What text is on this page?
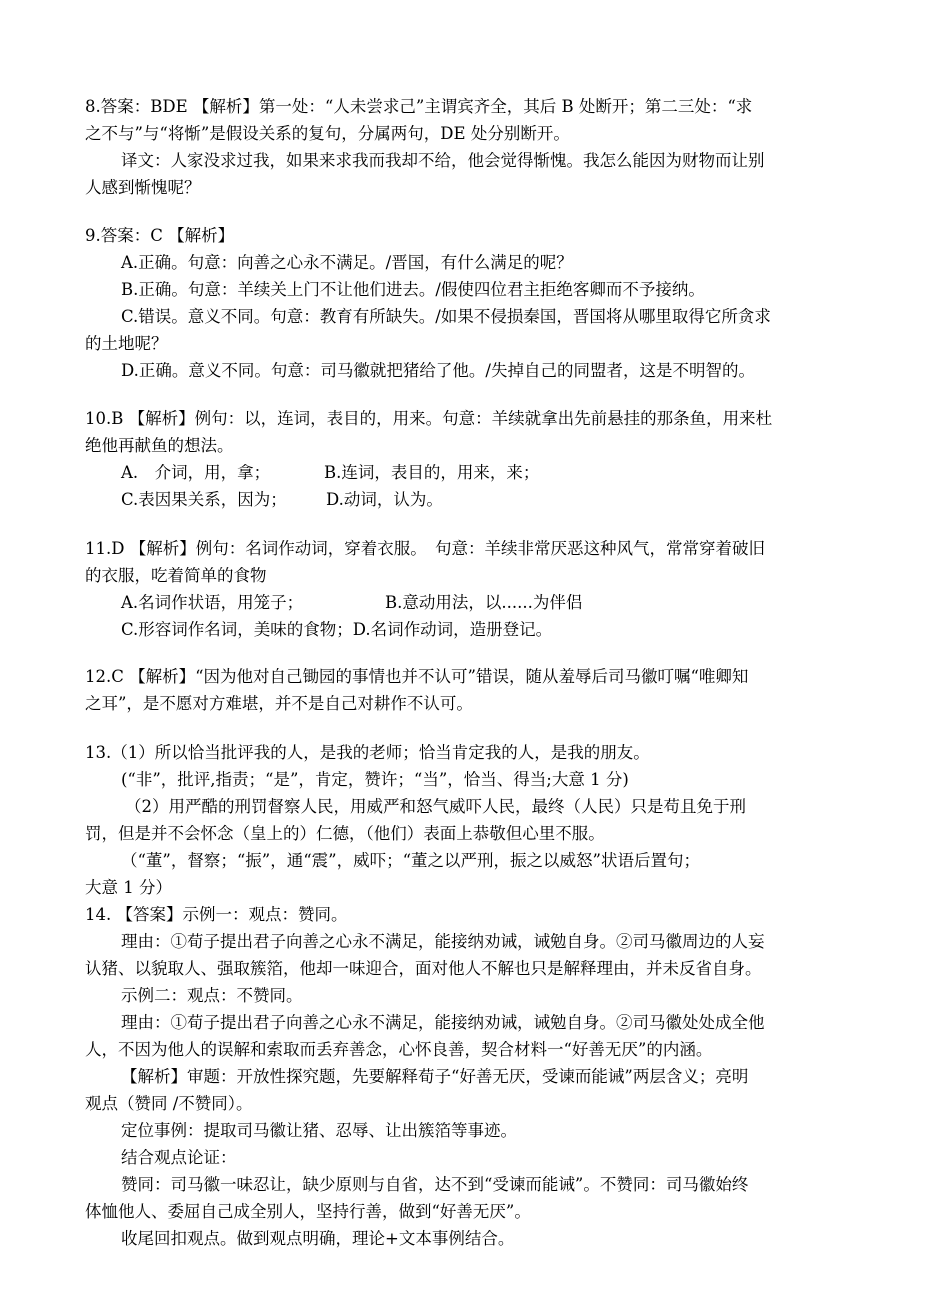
8.答案：BDE 【解析】第一处：“人未尝求己”主谓宾齐全，其后 B 处断开；第二三处：“求
之不与”与“将惭”是假设关系的复句，分属两句，DE 处分别断开。
译文：人家没求过我，如果来求我而我却不给，他会觉得惭愧。我怎么能因为财物而让别
人感到惭愧呢？
9.答案：C 【解析】
A.正确。句意：向善之心永不满足。/晋国，有什么满足的呢？
B.正确。句意：羊续关上门不让他们进去。/假使四位君主拒绝客卿而不予接纳。
C.错误。意义不同。句意：教育有所缺失。/如果不侵损秦国，晋国将从哪里取得它所贪求
的土地呢？
D.正确。意义不同。句意：司马徽就把猪给了他。/失掉自己的同盟者，这是不明智的。
10.B 【解析】例句：以，连词，表目的，用来。句意：羊续就拿出先前悬挂的那条鱼，用来杜
绝他再献鱼的想法。
A.　介词，用，拿；	B.连词，表目的，用来，来；
C.表因果关系，因为； D.动词，认为。
11.D 【解析】例句：名词作动词，穿着衣服。　句意：羊续非常厌恶这种风气，常常穿着破旧
的衣服，吃着简单的食物
A.名词作状语，用笼子；	B.意动用法，以......为伴侣
C.形容词作名词，美味的食物；D.名词作动词，造册登记。
12.C 【解析】“因为他对自己锄园的事情也并不认可”错误，随从羞辱后司马徽叮嘱“唯卿知
之耳”，是不愿对方难堪，并不是自己对耕作不认可。
13.（1）所以恰当批评我的人，是我的老师；恰当肯定我的人，是我的朋友。
(“非”，批评,指责；“是”，肯定，赞许；“当”，恰当、得当;大意 1 分)
（2）用严酷的刑罚督察人民，用威严和怒气威吓人民，最终（人民）只是苟且免于刑
罚，但是并不会怀念（皇上的）仁德，（他们）表面上恭敬但心里不服。
（“董”，督察；“振”，通“震”，威吓；“董之以严刑，振之以威怒”状语后置句；
大意 1 分）
14. 【答案】示例一：观点：赞同。
理由：①荀子提出君子向善之心永不满足，能接纳劝诫，诫勉自身。②司马徽周边的人妄
认猪、以貌取人、强取簇箔，他却一味迎合，面对他人不解也只是解释理由，并未反省自身。
示例二：观点：不赞同。
理由：①荀子提出君子向善之心永不满足，能接纳劝诫，诫勉自身。②司马徽处处成全他
人，不因为他人的误解和索取而丢弃善念，心怀良善，契合材料一“好善无厌”的内涵。
【解析】审题：开放性探究题，先要解释荀子“好善无厌，受谏而能诫”两层含义；亮明
观点（赞同 /不赞同）。
定位事例：提取司马徽让猪、忍辱、让出簇箔等事迹。
结合观点论证：
赞同：司马徽一味忍让，缺少原则与自省，达不到“受谏而能诫”。不赞同：司马徽始终
体恤他人、委屈自己成全别人，坚持行善，做到“好善无厌”。
收尾回扣观点。做到观点明确，理论+文本事例结合。
